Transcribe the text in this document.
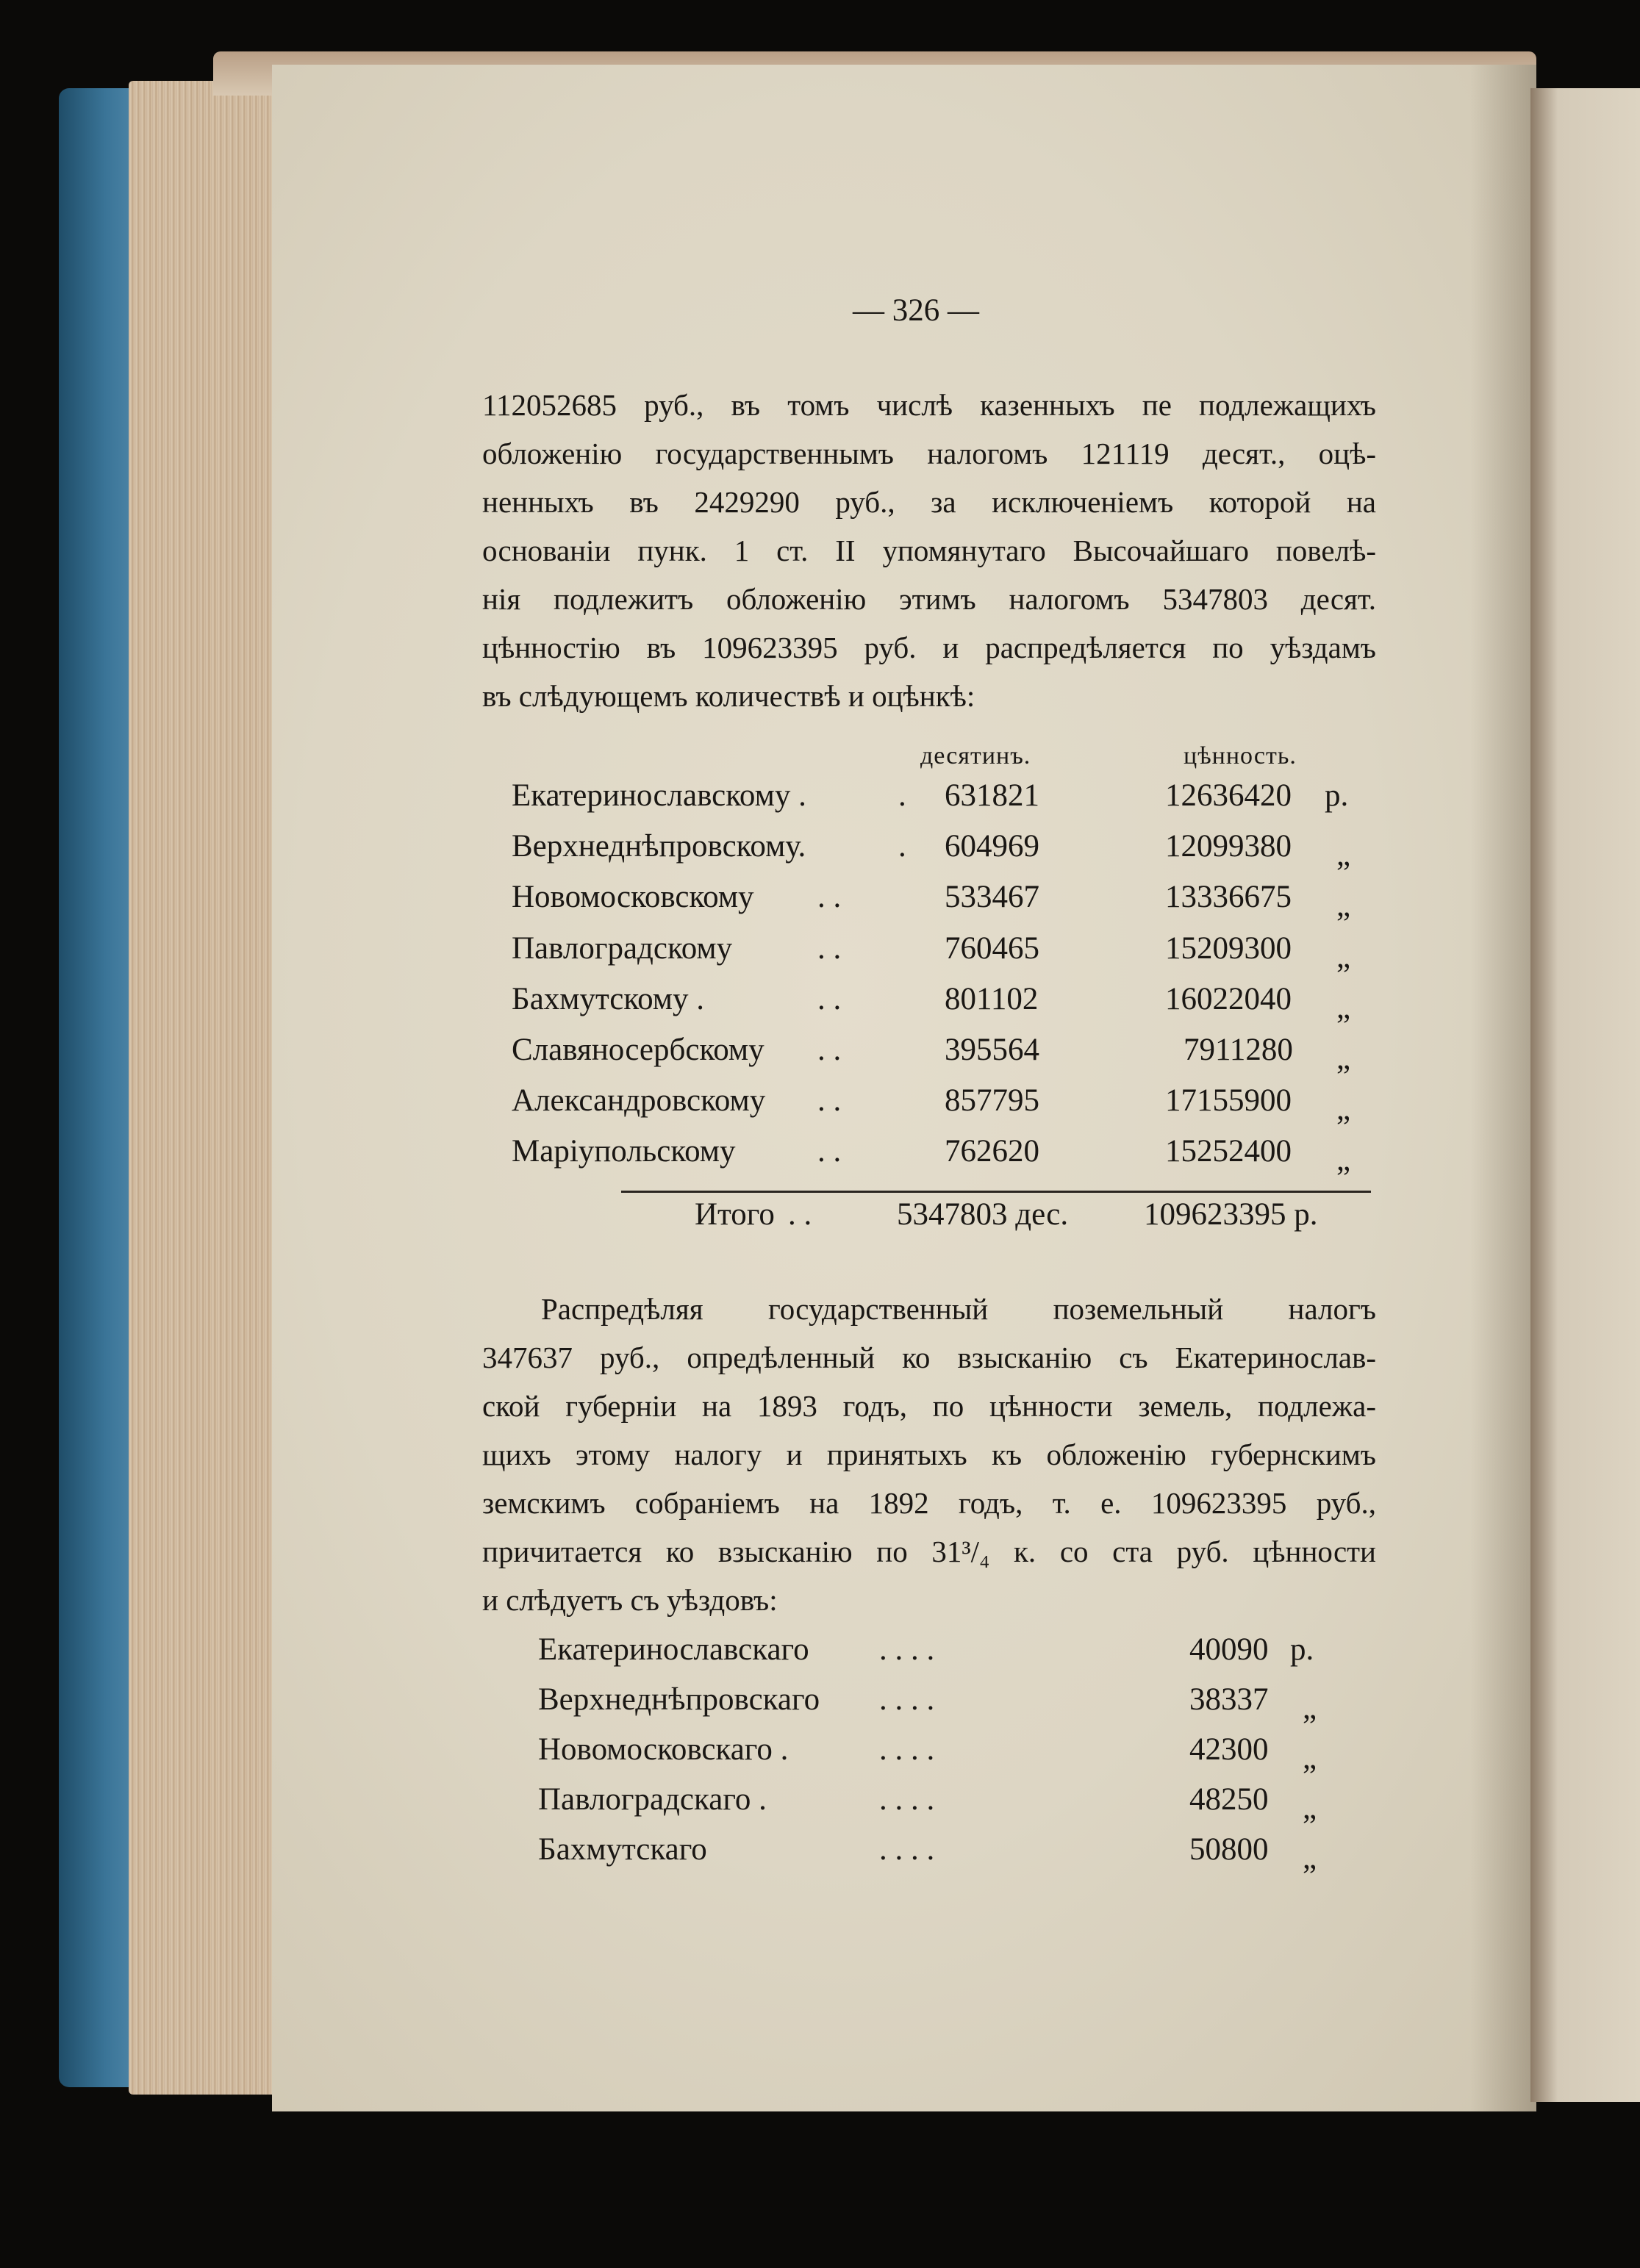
— 326 —
112052685 руб., въ томъ числѣ казенныхъ пе подлежащихъ
обложенію государственнымъ налогомъ 121119 десят., оцѣ-
ненныхъ въ 2429290 руб., за исключеніемъ которой на
основаніи пунк. 1 ст. II упомянутаго Высочайшаго повелѣ-
нія подлежитъ обложенію этимъ налогомъ 5347803 десят.
цѣнностію въ 109623395 руб. и распредѣляется по уѣздамъ
въ слѣдующемъ количествѣ и оцѣнкѣ:
десятинъ.	цѣнность.
Екатеринославскому .	. 631821	12636420 р.
Верхнеднѣпровскому.	. 604969	12099380 „
Новомосковскому . .	533467	13336675 „
Павлоградскому	. .	760465	15209300 „
Бахмутскому .	. .	801102	16022040 „
Славяносербскому . .	395564	7911280 „
Александровскому . .	857795	17155900 „
Маріупольскому	. .	762620	15252400 „
Итого . .	5347803 дес. 109623395 р.
Распредѣляя государственный поземельный налогъ
347637 руб., опредѣленный ко взысканію съ Екатеринослав-
ской губерніи на 1893 годъ, по цѣнности земель, подлежа-
щихъ этому налогу и принятыхъ къ обложенію губернскимъ
земскимъ собраніемъ на 1892 годъ, т. е. 109623395 руб.,
причитается ко взысканію по 31³/₄ к. со ста руб. цѣнности
и слѣдуетъ съ уѣздовъ:
Екатеринославскаго . . . .	40090 р.
Верхнеднѣпровскаго . . . .	38337 „
Новомосковскаго .	. . . .	42300 „
Павлоградскаго .	. . . .	48250 „
Бахмутскаго	. . . .	50800 „
